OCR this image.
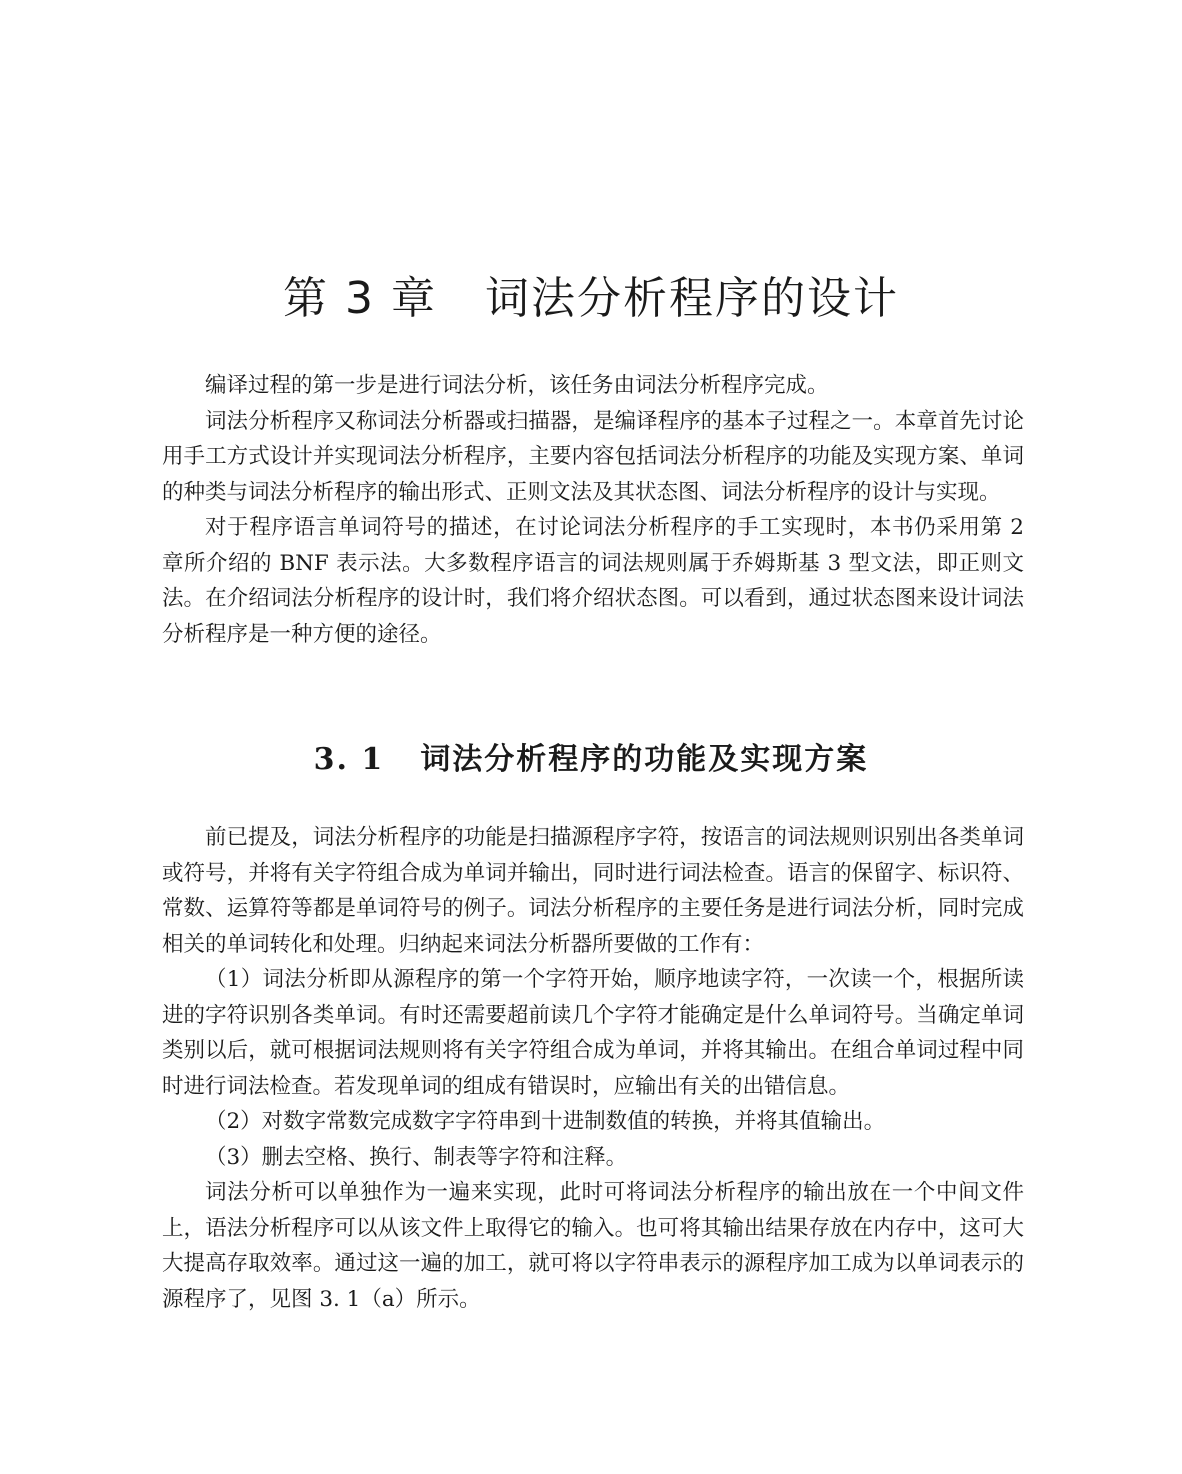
第 3 章 词法分析程序的设计

编译过程的第一步是进行词法分析，该任务由词法分析程序完成。

词法分析程序又称词法分析器或扫描器，是编译程序的基本子过程之一。本章首先讨论用手工方式设计并实现词法分析程序，主要内容包括词法分析程序的功能及实现方案、单词的种类与词法分析程序的输出形式、正则文法及其状态图、词法分析程序的设计与实现。

对于程序语言单词符号的描述，在讨论词法分析程序的手工实现时，本书仍采用第 2 章所介绍的 BNF 表示法。大多数程序语言的词法规则属于乔姆斯基 3 型文法，即正则文法。在介绍词法分析程序的设计时，我们将介绍状态图。可以看到，通过状态图来设计词法分析程序是一种方便的途径。

3. 1 词法分析程序的功能及实现方案

前已提及，词法分析程序的功能是扫描源程序字符，按语言的词法规则识别出各类单词或符号，并将有关字符组合成为单词并输出，同时进行词法检查。语言的保留字、标识符、常数、运算符等都是单词符号的例子。词法分析程序的主要任务是进行词法分析，同时完成相关的单词转化和处理。归纳起来词法分析器所要做的工作有：

（1）词法分析即从源程序的第一个字符开始，顺序地读字符，一次读一个，根据所读进的字符识别各类单词。有时还需要超前读几个字符才能确定是什么单词符号。当确定单词类别以后，就可根据词法规则将有关字符组合成为单词，并将其输出。在组合单词过程中同时进行词法检查。若发现单词的组成有错误时，应输出有关的出错信息。

（2）对数字常数完成数字字符串到十进制数值的转换，并将其值输出。

（3）删去空格、换行、制表等字符和注释。

词法分析可以单独作为一遍来实现，此时可将词法分析程序的输出放在一个中间文件上，语法分析程序可以从该文件上取得它的输入。也可将其输出结果存放在内存中，这可大大提高存取效率。通过这一遍的加工，就可将以字符串表示的源程序加工成为以单词表示的源程序了，见图 3. 1（a）所示。
